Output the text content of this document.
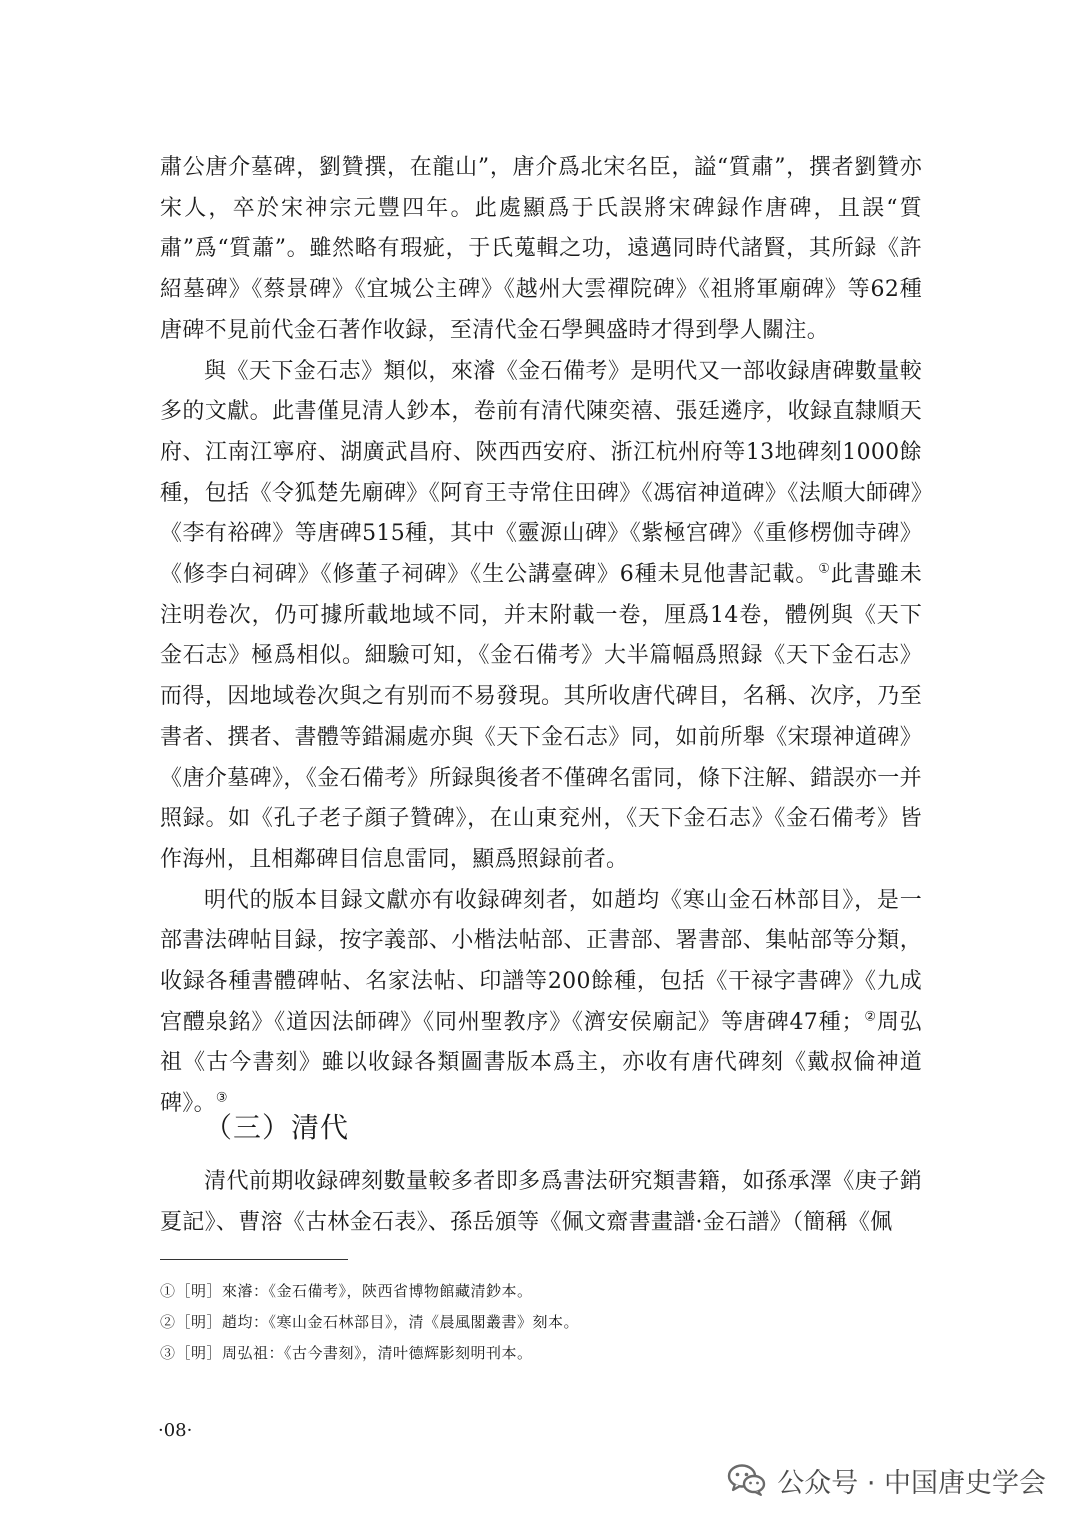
肅公唐介墓碑，劉贊撰，在龍山”，唐介爲北宋名臣，謚“質肅”，撰者劉贊亦宋人，卒於宋神宗元豐四年。此處顯爲于氏誤將宋碑録作唐碑，且誤“質肅”爲“質蕭”。雖然略有瑕疵，于氏蒐輯之功，遠邁同時代諸賢，其所録《許紹墓碑》《蔡景碑》《宜城公主碑》《越州大雲禪院碑》《祖將軍廟碑》等62種唐碑不見前代金石著作收録，至清代金石學興盛時才得到學人關注。

與《天下金石志》類似，來濬《金石備考》是明代又一部收録唐碑數量較多的文獻。此書僅見清人鈔本，卷前有清代陳奕禧、張廷遴序，收録直隸順天府、江南江寧府、湖廣武昌府、陝西西安府、浙江杭州府等13地碑刻1000餘種，包括《令狐楚先廟碑》《阿育王寺常住田碑》《馮宿神道碑》《法順大師碑》《李有裕碑》等唐碑515種，其中《靈源山碑》《紫極宫碑》《重修楞伽寺碑》《修李白祠碑》《修董子祠碑》《生公講臺碑》6種未見他書記載。①此書雖未注明卷次，仍可據所載地域不同，并末附載一卷，厘爲14卷，體例與《天下金石志》極爲相似。細驗可知，《金石備考》大半篇幅爲照録《天下金石志》而得，因地域卷次與之有别而不易發現。其所收唐代碑目，名稱、次序，乃至書者、撰者、書體等錯漏處亦與《天下金石志》同，如前所舉《宋璟神道碑》《唐介墓碑》，《金石備考》所録與後者不僅碑名雷同，條下注解、錯誤亦一并照録。如《孔子老子顔子贊碑》，在山東兖州，《天下金石志》《金石備考》皆作海州，且相鄰碑目信息雷同，顯爲照録前者。

明代的版本目録文獻亦有收録碑刻者，如趙均《寒山金石林部目》，是一部書法碑帖目録，按字義部、小楷法帖部、正書部、署書部、集帖部等分類，收録各種書體碑帖、名家法帖、印譜等200餘種，包括《干禄字書碑》《九成宫醴泉銘》《道因法師碑》《同州聖教序》《濟安侯廟記》等唐碑47種；②周弘祖《古今書刻》雖以收録各類圖書版本爲主，亦收有唐代碑刻《戴叔倫神道碑》。③

（三）清代

清代前期收録碑刻數量較多者即多爲書法研究類書籍，如孫承澤《庚子銷夏記》、曹溶《古林金石表》、孫岳頒等《佩文齋書畫譜·金石譜》（簡稱《佩

①［明］來濬：《金石備考》，陝西省博物館藏清鈔本。

②［明］趙均：《寒山金石林部目》，清《晨風閣叢書》刻本。

③［明］周弘祖：《古今書刻》，清叶德辉影刻明刊本。

·08·

公众号 · 中国唐史学会
